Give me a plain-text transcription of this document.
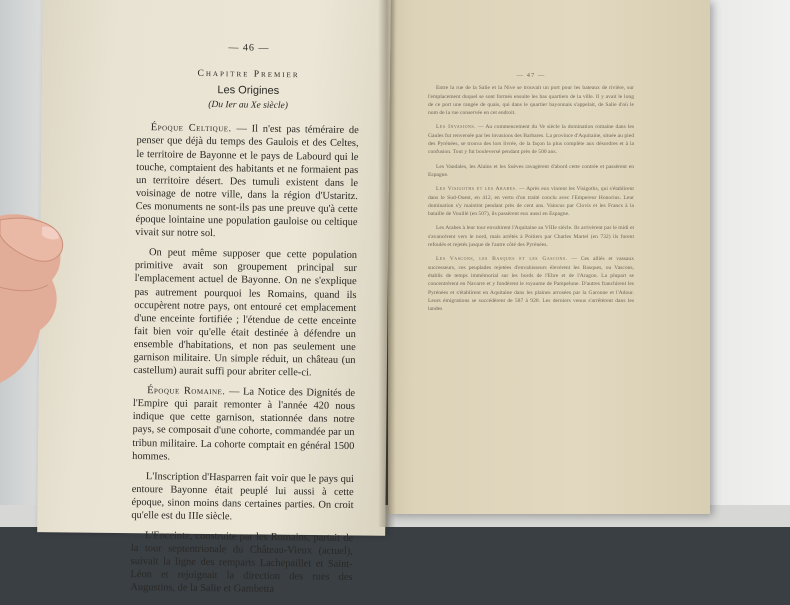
— 46 —
Chapitre Premier
Les Origines
(Du Ier au Xe siècle)

Époque Celtique. — Il n'est pas téméraire de penser que déjà du temps des Gaulois et des Celtes, le territoire de Bayonne et le pays de Labourd qui le touche, comptaient des habitants et ne formaient pas un territoire désert. Des tumuli existent dans le voisinage de notre ville, dans la région d'Ustaritz. Ces monuments ne sont-ils pas une preuve qu'à cette époque lointaine une population gauloise ou celtique vivait sur notre sol.

On peut même supposer que cette population primitive avait son groupement principal sur l'emplacement actuel de Bayonne. On ne s'explique pas autrement pourquoi les Romains, quand ils occupèrent notre pays, ont entouré cet emplacement d'une enceinte fortifiée ; l'étendue de cette enceinte fait bien voir qu'elle était destinée à défendre un ensemble d'habitations, et non pas seulement une garnison militaire. Un simple réduit, un château (un castellum) aurait suffi pour abriter celle-ci.

Époque Romaine. — La Notice des Dignités de l'Empire qui parait remonter à l'année 420 nous indique que cette garnison, stationnée dans notre pays, se composait d'une cohorte, commandée par un tribun militaire. La cohorte comptait en général 1500 hommes.

L'Inscription d'Hasparren fait voir que le pays qui entoure Bayonne était peuplé lui aussi à cette époque, sinon moins dans certaines parties. On croit qu'elle est du IIIe siècle.

L'Enceinte, construite par les Romains, partait de la tour septentrionale du Château-Vieux (actuel), suivait la ligne des remparts Lachepaillet et Saint-Léon et rejoignait la direction des rues des Augustins, de la Salie et Gambetta

— 47 —

Entre la rue de la Salie et la Nive se trouvait un port pour les bateaux de rivière, sur l'emplacement duquel se sont formés ensuite les bas quartiers de la ville. Il y avait le long de ce port une rangée de quais, qui dans le quartier bayonnais s'appelait, de Salie d'où le nom de la rue conservée en cet endroit.

Les Invasions. — Au commencement du Ve siècle la domination romaine dans les Gaules fut renversée par les invasions des Barbares. La province d'Aquitaine, située au pied des Pyrénées, se trouva des lors livrée, de la façon la plus complète aux désordres et à la confusion. Tout y fut bouleversé pendant près de 500 ans.

Les Vandales, les Alains et les Suèves ravagèrent d'abord cette contrée et passèrent en Espagne.

Les Visigoths et les Arabes. — Après eux vinrent les Visigoths, qui s'établirent dans le Sud-Ouest, en 412, en vertu d'un traité conclu avec l'Empereur Honorius. Leur domination s'y maintint pendant près de cent ans. Vaincus par Clovis et les Francs à la bataille de Vouillé (en 507), ils passèrent eux aussi en Espagne.

Les Arabes à leur tour envahirent l'Aquitaine au VIIIe siècle. Ils arrivèrent par le midi et s'avancèrent vers le nord, mais arrêtés à Poitiers par Charles Martel (en 732) ils furent refoulés et rejetés jusque de l'autre côté des Pyrénées.

Les Vascons, les Basques et les Gascons. — Ces alliés et vassaux successeurs, ces peuplades rejetées d'envahisseurs élevèrent les Basques, ou Vascons, établis de temps immémorial sur les bords de l'Ebre et de l'Aragon. La plupart se concentrèrent en Navarre et y fondèrent le royaume de Pampelune. D'autres franchirent les Pyrénées et s'établirent en Aquitaine dans les plaines arrosées par la Garonne et l'Adour. Leurs émigrations se succédèrent de 587 à 928. Les derniers venus s'arrêtèrent dans les landes
